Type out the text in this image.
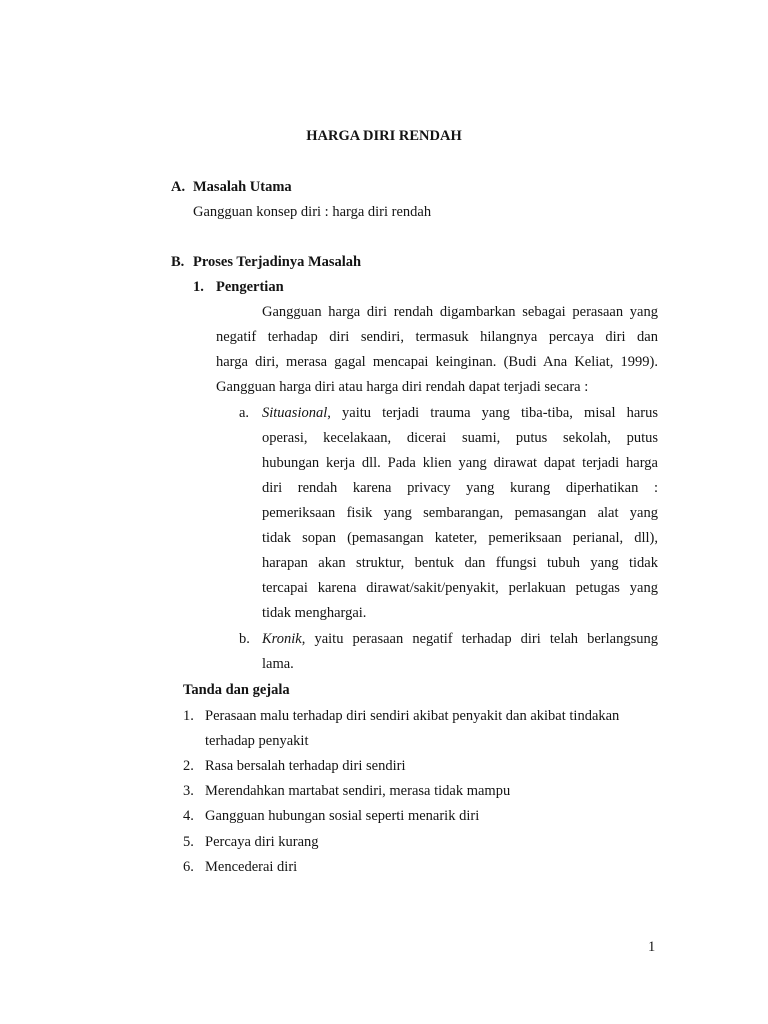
HARGA DIRI RENDAH
A. Masalah Utama
Gangguan konsep diri : harga diri rendah
B. Proses Terjadinya Masalah
1. Pengertian
Gangguan harga diri rendah digambarkan sebagai perasaan yang
negatif terhadap diri sendiri, termasuk hilangnya percaya diri dan
harga diri, merasa gagal mencapai keinginan. (Budi Ana Keliat, 1999).
Gangguan harga diri atau harga diri rendah dapat terjadi secara :
a. Situasional, yaitu terjadi trauma yang tiba-tiba, misal harus
operasi, kecelakaan, dicerai suami, putus sekolah, putus
hubungan kerja dll. Pada klien yang dirawat dapat terjadi harga
diri rendah karena privacy yang kurang diperhatikan :
pemeriksaan fisik yang sembarangan, pemasangan alat yang
tidak sopan (pemasangan kateter, pemeriksaan perianal, dll),
harapan akan struktur, bentuk dan ffungsi tubuh yang tidak
tercapai karena dirawat/sakit/penyakit, perlakuan petugas yang
tidak menghargai.
b. Kronik, yaitu perasaan negatif terhadap diri telah berlangsung
lama.
Tanda dan gejala
1. Perasaan malu terhadap diri sendiri akibat penyakit dan akibat tindakan
terhadap penyakit
2. Rasa bersalah terhadap diri sendiri
3. Merendahkan martabat sendiri, merasa tidak mampu
4. Gangguan hubungan sosial seperti menarik diri
5. Percaya diri kurang
6. Mencederai diri
1
